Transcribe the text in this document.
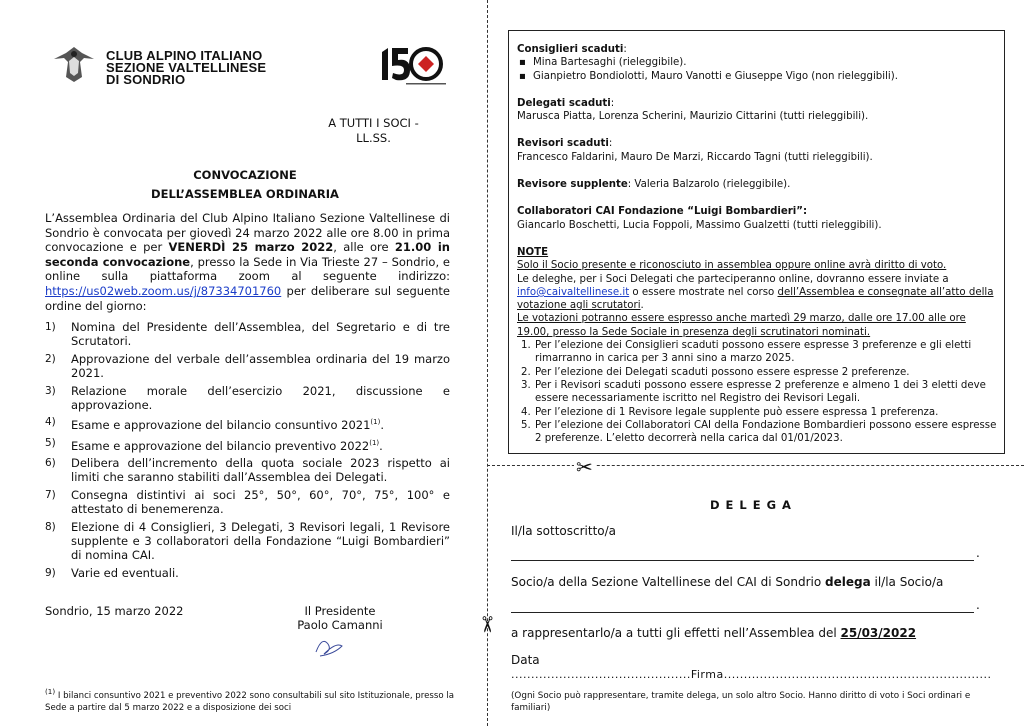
CLUB ALPINO ITALIANO
SEZIONE VALTELLINESE
DI SONDRIO
A TUTTI I SOCI -
LL.SS.
CONVOCAZIONE
DELL’ASSEMBLEA ORDINARIA
L’Assemblea Ordinaria del Club Alpino Italiano Sezione Valtellinese di Sondrio è convocata per giovedì 24 marzo 2022 alle ore 8.00 in prima convocazione e per VENERDÌ 25 marzo 2022, alle ore 21.00 in seconda convocazione, presso la Sede in Via Trieste 27 – Sondrio, e online sulla piattaforma zoom al seguente indirizzo: https://us02web.zoom.us/j/87334701760 per deliberare sul seguente ordine del giorno:
1) Nomina del Presidente dell’Assemblea, del Segretario e di tre Scrutatori.
2) Approvazione del verbale dell’assemblea ordinaria del 19 marzo 2021.
3) Relazione morale dell’esercizio 2021, discussione e approvazione.
4) Esame e approvazione del bilancio consuntivo 2021$^{(1)}$.
5) Esame e approvazione del bilancio preventivo 2022$^{(1)}$.
6) Delibera dell’incremento della quota sociale 2023 rispetto ai limiti che saranno stabiliti dall’Assemblea dei Delegati.
7) Consegna distintivi ai soci 25°, 50°, 60°, 70°, 75°, 100° e attestato di benemerenza.
8) Elezione di 4 Consiglieri, 3 Delegati, 3 Revisori legali, 1 Revisore supplente e 3 collaboratori della Fondazione “Luigi Bombardieri” di nomina CAI.
9) Varie ed eventuali.
Sondrio, 15 marzo 2022	Il Presidente
Paolo Camanni
$^{(1)}$ I bilanci consuntivo 2021 e preventivo 2022 sono consultabili sul sito Istituzionale, presso la Sede a partire dal 5 marzo 2022 e a disposizione dei soci
✂
Consiglieri scaduti:
▪ Mina Bartesaghi (rieleggibile).
▪ Gianpietro Bondiolotti, Mauro Vanotti e Giuseppe Vigo (non rieleggibili).
Delegati scaduti:
Marusca Piatta, Lorenza Scherini, Maurizio Cittarini (tutti rieleggibili).
Revisori scaduti:
Francesco Faldarini, Mauro De Marzi, Riccardo Tagni (tutti rieleggibili).
Revisore supplente: Valeria Balzarolo (rieleggibile).
Collaboratori CAI Fondazione “Luigi Bombardieri”:
Giancarlo Boschetti, Lucia Foppoli, Massimo Gualzetti (tutti rieleggibili).
NOTE
Solo il Socio presente e riconosciuto in assemblea oppure online avrà diritto di voto.
Le deleghe, per i Soci Delegati che parteciperanno online, dovranno essere inviate a info@caivaltellinese.it o essere mostrate nel corso dell’Assemblea e consegnate all’atto della votazione agli scrutatori.
Le votazioni potranno essere espresso anche martedì 29 marzo, dalle ore 17.00 alle ore 19.00, presso la Sede Sociale in presenza degli scrutinatori nominati.
1. Per l’elezione dei Consiglieri scaduti possono essere espresse 3 preferenze e gli eletti rimarranno in carica per 3 anni sino a marzo 2025.
2. Per l’elezione dei Delegati scaduti possono essere espresse 2 preferenze.
3. Per i Revisori scaduti possono essere espresse 2 preferenze e almeno 1 dei 3 eletti deve essere necessariamente iscritto nel Registro dei Revisori Legali.
4. Per l’elezione di 1 Revisore legale supplente può essere espressa 1 preferenza.
5. Per l’elezione dei Collaboratori CAI della Fondazione Bombardieri possono essere espresse 2 preferenze. L’eletto decorrerà nella carica dal 01/01/2023.
✂
DELEGA
Il/la sottoscritto/a
.
Socio/a della Sezione Valtellinese del CAI di Sondrio delega il/la Socio/a
.
a rappresentarlo/a a tutti gli effetti nell’Assemblea del 25/03/2022
Data
.............................................Firma...................................................................
(Ogni Socio può rappresentare, tramite delega, un solo altro Socio. Hanno diritto di voto i Soci ordinari e familiari)
